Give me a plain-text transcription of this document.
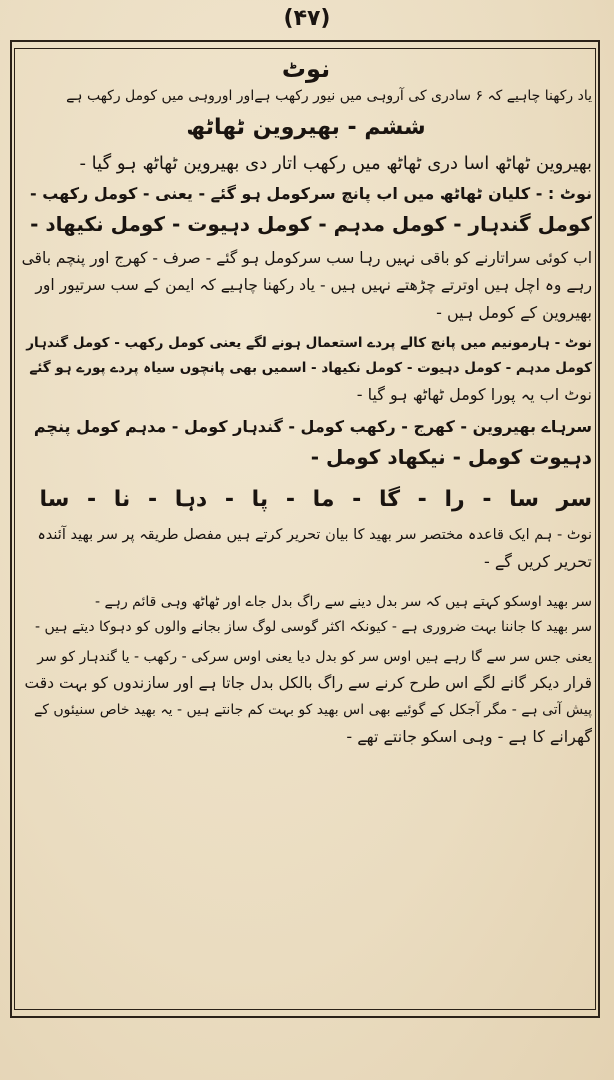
(۴۷)
نوٹ
یاد رکھنا چاہیے کہ ۶ سادری کی آروہی میں نیور رکھب ہےاور اوروہی میں کومل رکھب ہے
ششم - بھیروین ٹھاٹھ
بھیروین ٹھاٹھ اسا دری ٹھاٹھ میں رکھب اتار دی بھیروین ٹھاٹھ ہو گیا -
نوٹ : - کلیان ٹھاٹھ میں اب پانچ سرکومل ہو گئے - یعنی - کومل رکھب -
کومل گندہار - کومل مدہم - کومل دہیوت - کومل نکیھاد -
اب کوئی سراتارنے کو باقی نہیں رہا سب سرکومل ہو گئے - صرف - کھرج اور پنچم باقی
رہے وہ اچل ہیں اوترتے چڑھتے نہیں ہیں - یاد رکھنا چاہیے کہ ایمن کے سب سرتیور اور
بھیروین کے کومل ہیں -
نوٹ - ہارمونیم میں پانچ کالے پردے استعمال ہونے لگے یعنی کومل رکھب - کومل گندہار
کومل مدہم - کومل دہیوت - کومل نکیھاد - اسمیں بھی پانچوں سیاہ پردے پورے ہو گئے
نوٹ اب یہ پورا کومل ٹھاٹھ ہو گیا -
سرہاے بھیروین - کھرج - رکھب کومل - گندہار کومل - مدہم کومل پنچم
دہیوت کومل - نیکھاد کومل -
سر سا - را - گا - ما - پا - دہا - نا - سا
نوٹ - ہم ایک قاعدہ مختصر سر بھید کا بیان تحریر کرتے ہیں مفصل طریقہ پر سر بھید آئندہ
تحریر کریں گے -
سر بھید اوسکو کہتے ہیں کہ سر بدل دینے سے راگ بدل جاے اور ٹھاٹھ وہی قائم رہے -
سر بھید کا جاننا بہت ضروری ہے - کیونکہ اکثر گوسی لوگ ساز بجانے والوں کو دہوکا دیتے ہیں -
یعنی جس سر سے گا رہے ہیں اوس سر کو بدل دیا یعنی اوس سرکی - رکھب - یا گندہار کو سر
قرار دیکر گانے لگے اس طرح کرنے سے راگ بالکل بدل جاتا ہے اور سازندوں کو بہت دقت
پیش آتی ہے - مگر آجکل کے گوئیے بھی اس بھید کو بہت کم جانتے ہیں - یہ بھید خاص سنیئوں کے
گھرانے کا ہے - وہی اسکو جانتے تھے -
